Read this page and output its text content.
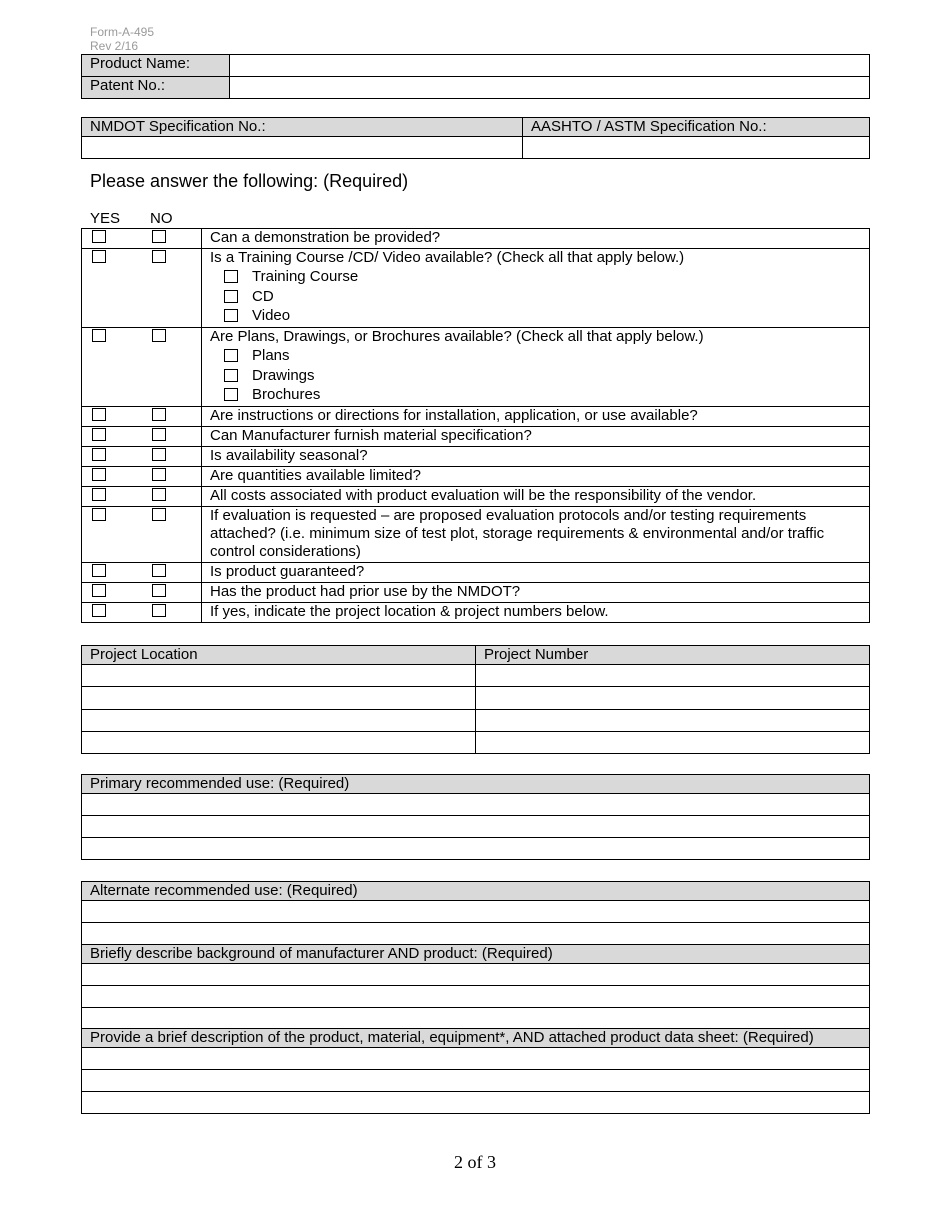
Form-A-495
Rev 2/16
Product Name:	
Patent No.:	
NMDOT Specification No.:	AASHTO / ASTM Specification No.:

Please answer the following: (Required)
YES NO
		Can a demonstration be provided?

		Is a Training Course /CD/ Video available? (Check all that apply below.)
Training Course
CD
Video

		Are Plans, Drawings, or Brochures available? (Check all that apply below.)
Plans
Drawings
Brochures

		Are instructions or directions for installation, application, or use available?
		Can Manufacturer furnish material specification?
		Is availability seasonal?
		Are quantities available limited?
		All costs associated with product evaluation will be the responsibility of the vendor.
		If evaluation is requested – are proposed evaluation protocols and/or testing requirements attached? (i.e. minimum size of test plot, storage requirements & environmental and/or traffic control considerations)
		Is product guaranteed?
		Has the product had prior use by the NMDOT?
		If yes, indicate the project location & project numbers below.
Project Location	Project Number

Primary recommended use: (Required)

Alternate recommended use: (Required)

Briefly describe background of manufacturer AND product: (Required)

Provide a brief description of the product, material, equipment*, AND attached product data sheet: (Required)

2 of 3
